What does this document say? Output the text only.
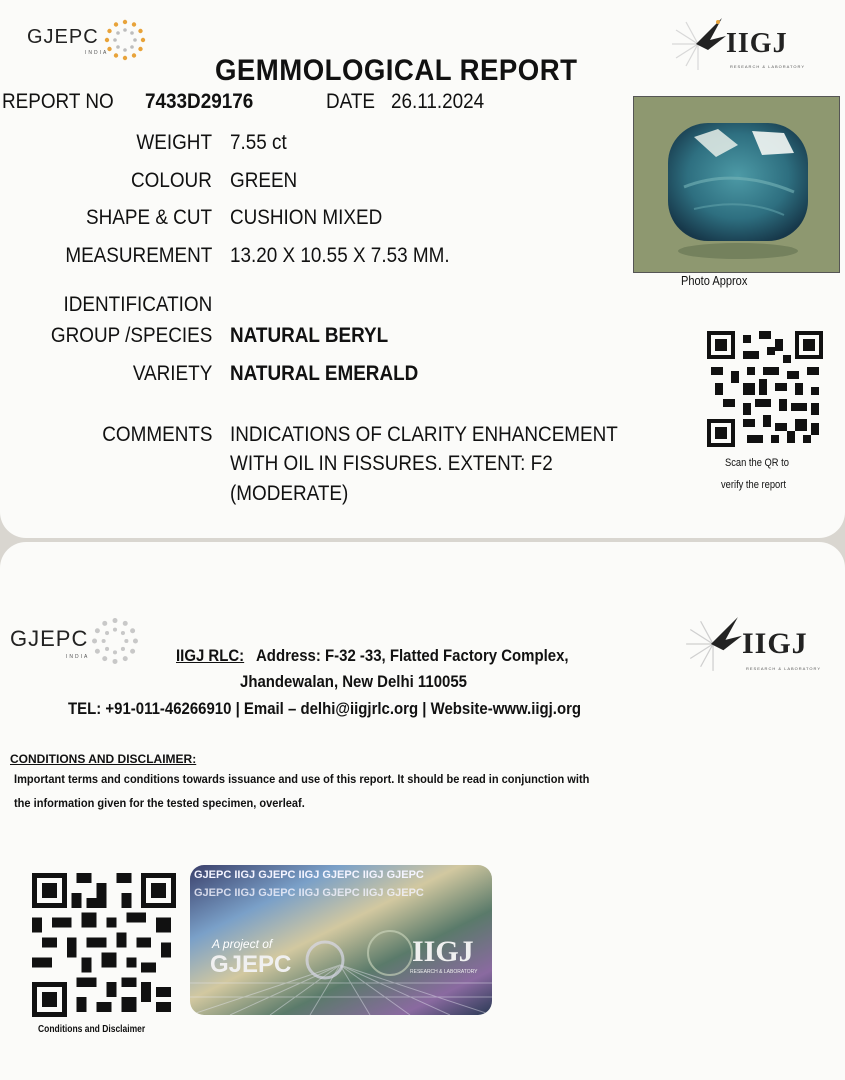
GJEPC
INDIA	IIGJ
RESEARCH & LABORATORY
GEMMOLOGICAL REPORT
REPORT NO 7433D29176	DATE 26.11.2024
WEIGHT 7.55 ct
COLOUR GREEN
SHAPE & CUT CUSHION MIXED
MEASUREMENT 13.20 X 10.55 X 7.53 MM.
IDENTIFICATION
GROUP /SPECIES NATURAL BERYL
VARIETY NATURAL EMERALD
COMMENTS INDICATIONS OF CLARITY ENHANCEMENT
WITH OIL IN FISSURES. EXTENT: F2
(MODERATE)
Photo Approx
Scan the QR to
verify the report
GJEPC
INDIA	IIGJ
RESEARCH & LABORATORY
IIGJ RLC: Address: F-32 -33, Flatted Factory Complex,
Jhandewalan, New Delhi 110055
TEL: +91-011-46266910 | Email – delhi@iigjrlc.org | Website-www.iigj.org
CONDITIONS AND DISCLAIMER:
Important terms and conditions towards issuance and use of this report. It should be read in conjunction with
the information given for the tested specimen, overleaf.
Conditions and Disclaimer
GJEPC IIGJ GJEPC IIGJ GJEPC IIGJ GJEPC
GJEPC IIGJ GJEPC IIGJ GJEPC IIGJ GJEPC
A project of
GJEPC	IIGJ
RESEARCH & LABORATORY
